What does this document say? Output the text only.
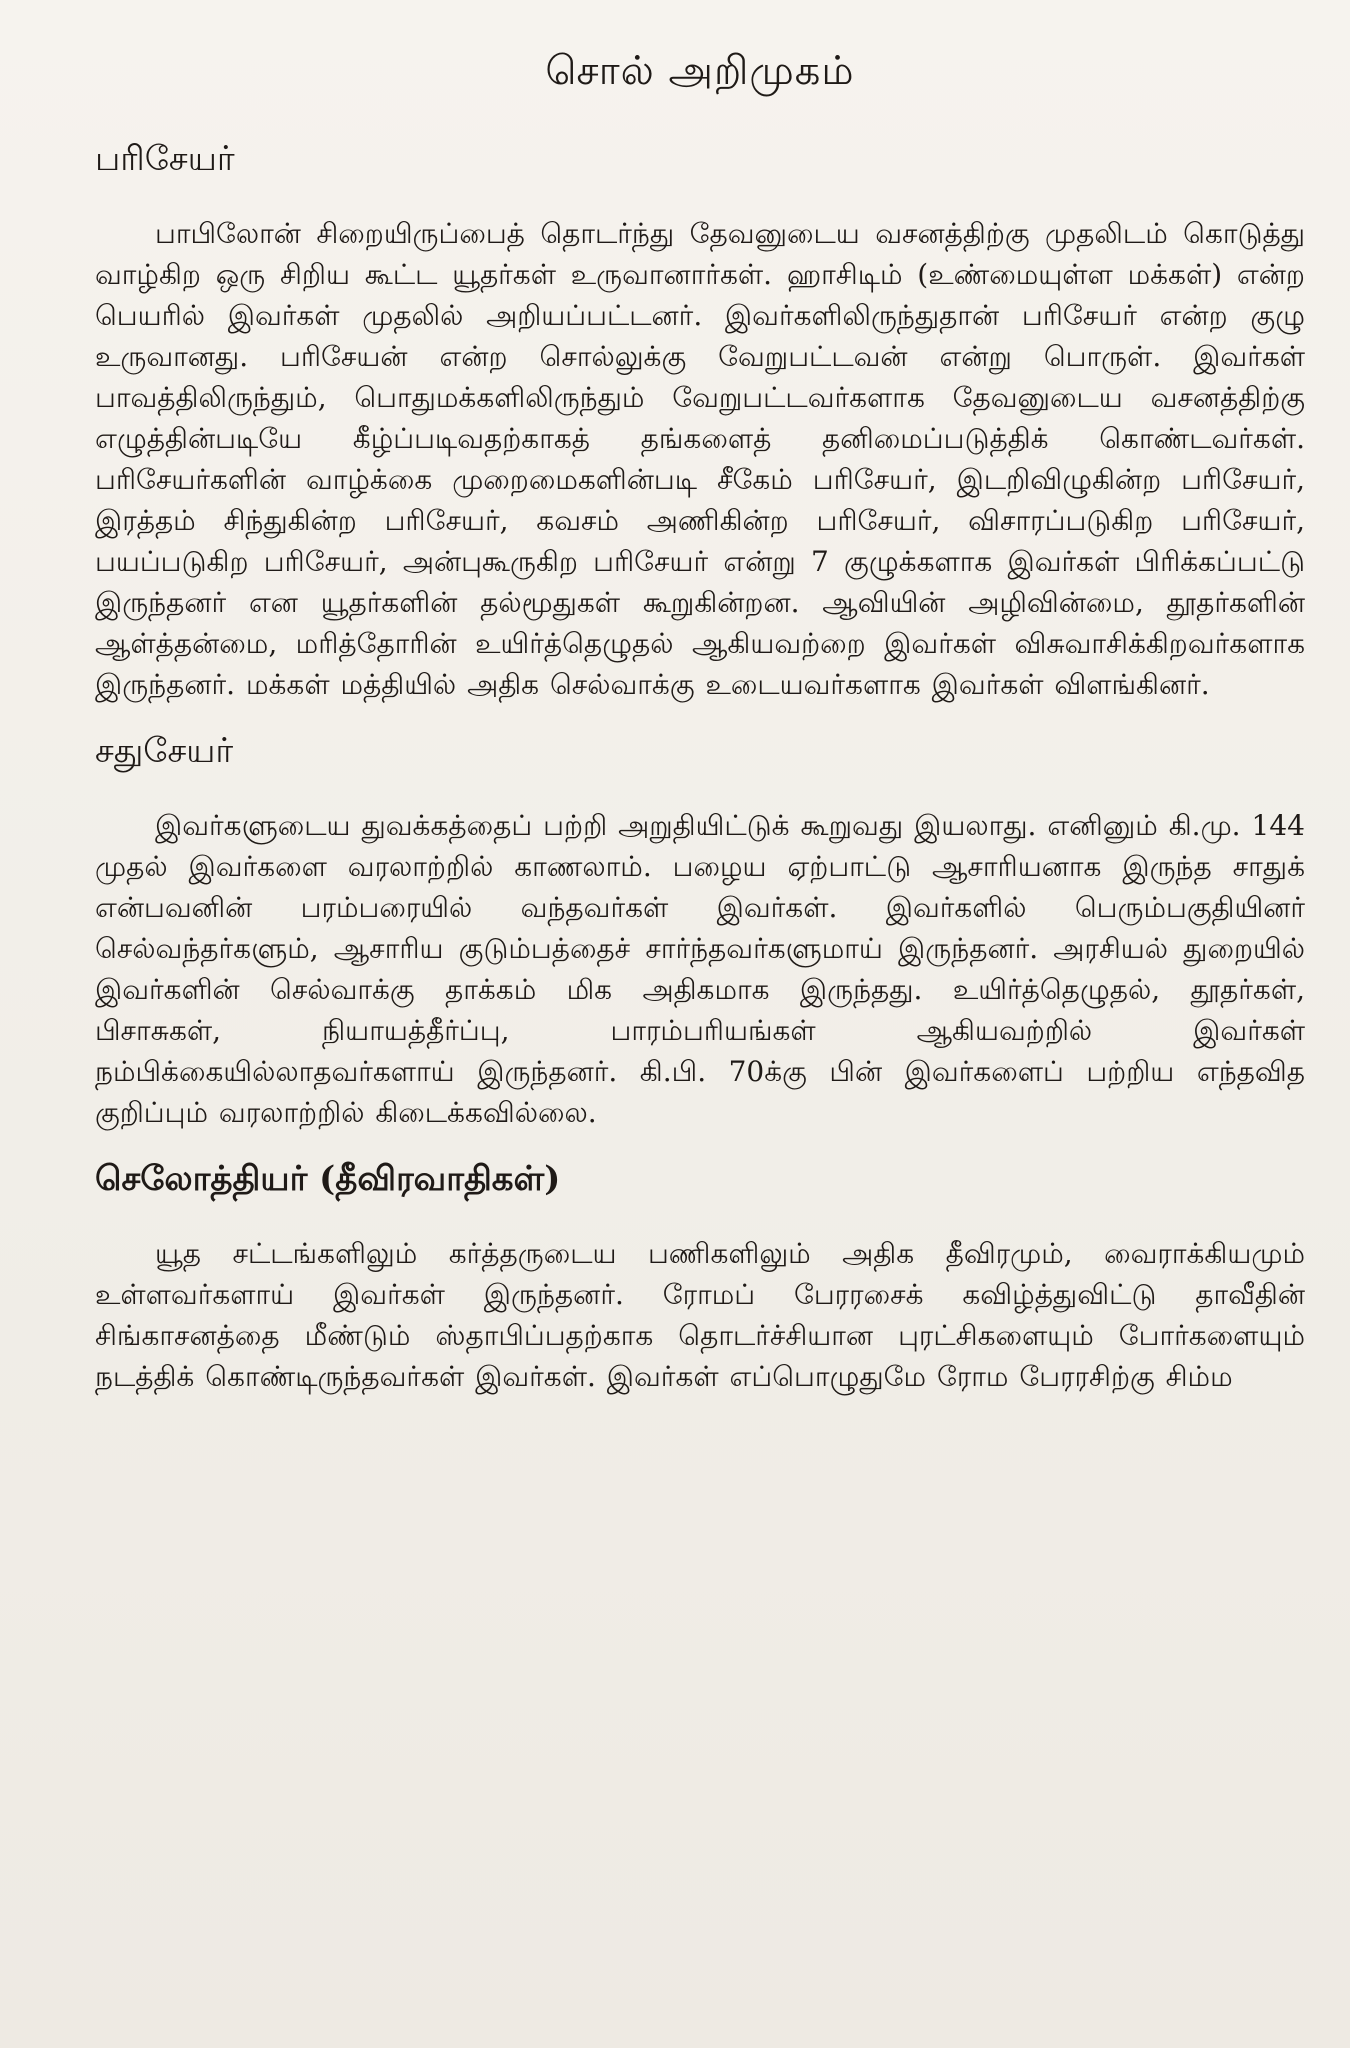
சொல் அறிமுகம்
பரிசேயர்

பாபிலோன் சிறையிருப்பைத் தொடர்ந்து தேவனுடைய வசனத்திற்கு முதலிடம் கொடுத்து வாழ்கிற ஒரு சிறிய கூட்ட யூதர்கள் உருவானார்கள். ஹாசிடிம் (உண்மையுள்ள மக்கள்) என்ற பெயரில் இவர்கள் முதலில் அறியப்பட்டனர். இவர்களிலிருந்துதான் பரிசேயர் என்ற குழு உருவானது. பரிசேயன் என்ற சொல்லுக்கு வேறுபட்டவன் என்று பொருள். இவர்கள் பாவத்திலிருந்தும், பொதுமக்களிலிருந்தும் வேறுபட்டவர்களாக தேவனுடைய வசனத்திற்கு எழுத்தின்படியே கீழ்ப்படிவதற்காகத் தங்களைத் தனிமைப்படுத்திக் கொண்டவர்கள். பரிசேயர்களின் வாழ்க்கை முறைமைகளின்படி சீகேம் பரிசேயர், இடறிவிழுகின்ற பரிசேயர், இரத்தம் சிந்துகின்ற பரிசேயர், கவசம் அணிகின்ற பரிசேயர், விசாரப்படுகிற பரிசேயர், பயப்படுகிற பரிசேயர், அன்புகூருகிற பரிசேயர் என்று 7 குழுக்களாக இவர்கள் பிரிக்கப்பட்டு இருந்தனர் என யூதர்களின் தல்மூதுகள் கூறுகின்றன. ஆவியின் அழிவின்மை, தூதர்களின் ஆள்த்தன்மை, மரித்தோரின் உயிர்த்தெழுதல் ஆகியவற்றை இவர்கள் விசுவாசிக்கிறவர்களாக இருந்தனர். மக்கள் மத்தியில் அதிக செல்வாக்கு உடையவர்களாக இவர்கள் விளங்கினர்.

சதுசேயர்

இவர்களுடைய துவக்கத்தைப் பற்றி அறுதியிட்டுக் கூறுவது இயலாது. எனினும் கி.மு. 144 முதல் இவர்களை வரலாற்றில் காணலாம். பழைய ஏற்பாட்டு ஆசாரியனாக இருந்த சாதுக் என்பவனின் பரம்பரையில் வந்தவர்கள் இவர்கள். இவர்களில் பெரும்பகுதியினர் செல்வந்தர்களும், ஆசாரிய குடும்பத்தைச் சார்ந்தவர்களுமாய் இருந்தனர். அரசியல் துறையில் இவர்களின் செல்வாக்கு தாக்கம் மிக அதிகமாக இருந்தது. உயிர்த்தெழுதல், தூதர்கள், பிசாசுகள், நியாயத்தீர்ப்பு, பாரம்பரியங்கள் ஆகியவற்றில் இவர்கள் நம்பிக்கையில்லாதவர்களாய் இருந்தனர். கி.பி. 70க்கு பின் இவர்களைப் பற்றிய எந்தவித குறிப்பும் வரலாற்றில் கிடைக்கவில்லை.

செலோத்தியர் (தீவிரவாதிகள்)

யூத சட்டங்களிலும் கர்த்தருடைய பணிகளிலும் அதிக தீவிரமும், வைராக்கியமும் உள்ளவர்களாய் இவர்கள் இருந்தனர். ரோமப் பேரரசைக் கவிழ்த்துவிட்டு தாவீதின் சிங்காசனத்தை மீண்டும் ஸ்தாபிப்பதற்காக தொடர்ச்சியான புரட்சிகளையும் போர்களையும் நடத்திக் கொண்டிருந்தவர்கள் இவர்கள். இவர்கள் எப்பொழுதுமே ரோம பேரரசிற்கு சிம்ம
